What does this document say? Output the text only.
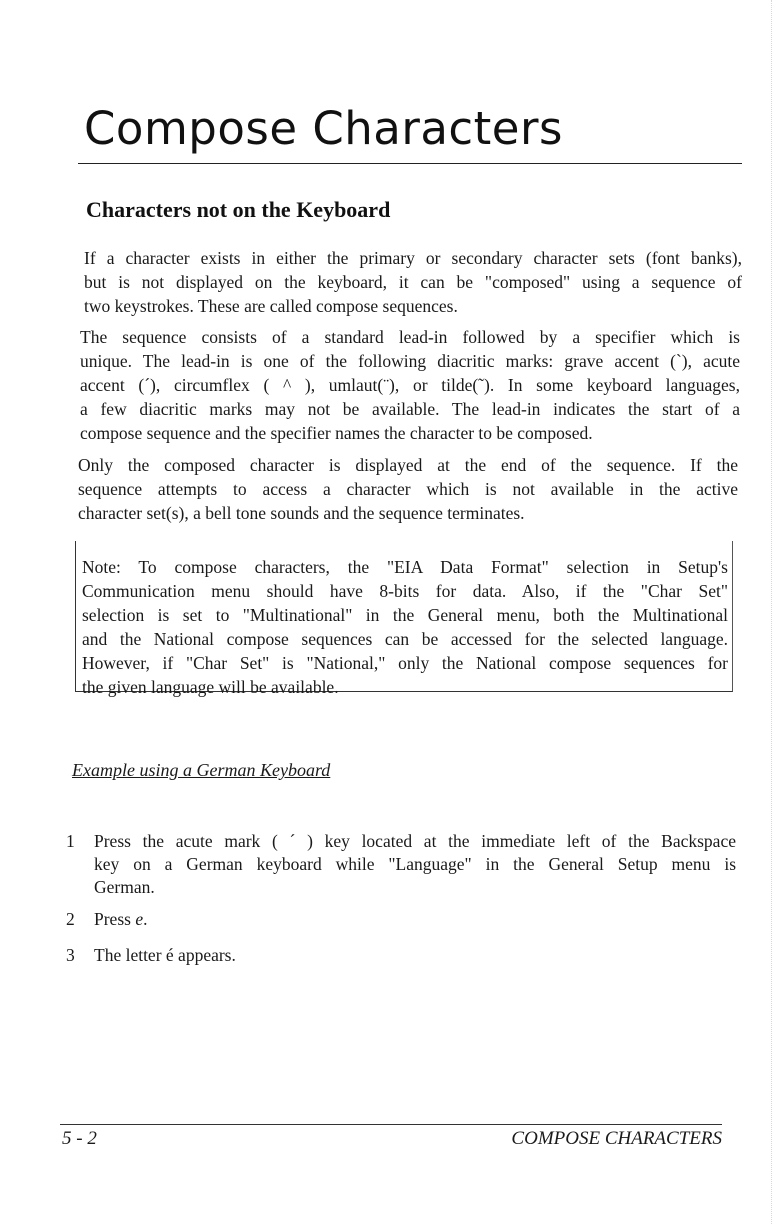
Compose Characters
Characters not on the Keyboard

If a character exists in either the primary or secondary character sets (font banks),
but is not displayed on the keyboard, it can be "composed" using a sequence of
two keystrokes. These are called compose sequences.

The sequence consists of a standard lead-in followed by a specifier which is
unique. The lead-in is one of the following diacritic marks: grave accent (`), acute
accent (´), circumflex ( ^ ), umlaut(¨), or tilde(˜). In some keyboard languages,
a few diacritic marks may not be available. The lead-in indicates the start of a
compose sequence and the specifier names the character to be composed.

Only the composed character is displayed at the end of the sequence. If the
sequence attempts to access a character which is not available in the active
character set(s), a bell tone sounds and the sequence terminates.

Note: To compose characters, the "EIA Data Format" selection in Setup's
Communication menu should have 8-bits for data. Also, if the "Char Set"
selection is set to "Multinational" in the General menu, both the Multinational
and the National compose sequences can be accessed for the selected language.
However, if "Char Set" is "National," only the National compose sequences for
the given language will be available.

Example using a German Keyboard
1 Press the acute mark ( ´ ) key located at the immediate left of the Backspace
key on a German keyboard while "Language" in the General Setup menu is
German.
2 Press e.
3 The letter é appears.

5 - 2	COMPOSE CHARACTERS
